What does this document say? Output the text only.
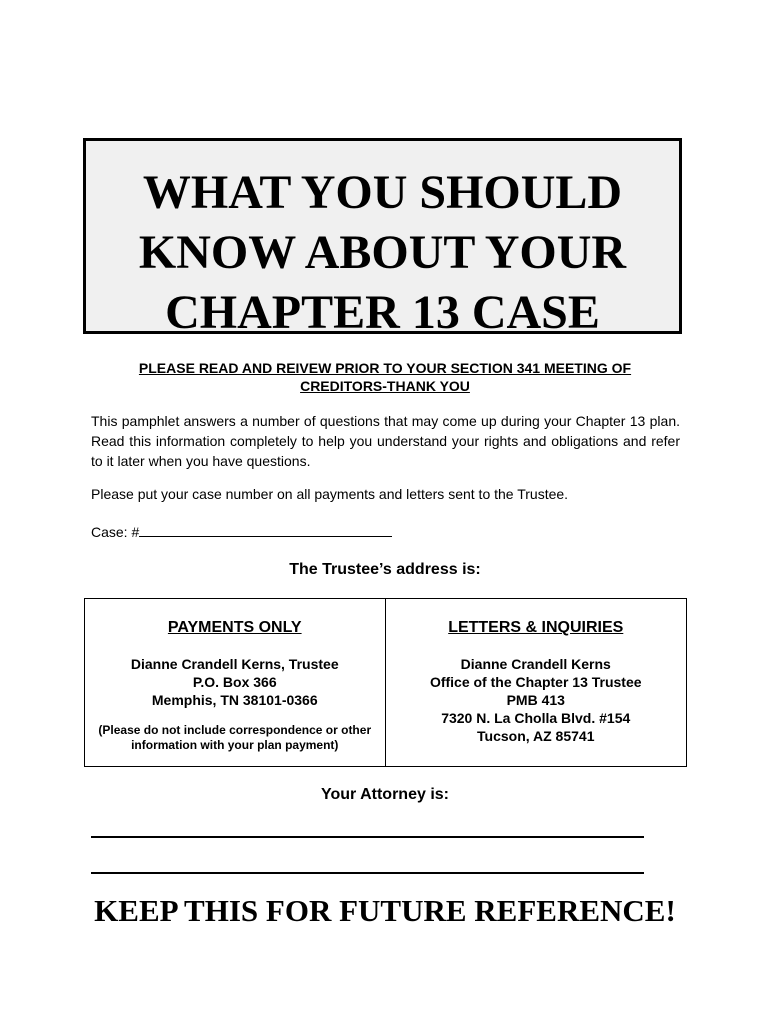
WHAT YOU SHOULD

KNOW ABOUT YOUR

CHAPTER 13 CASE

PLEASE READ AND REIVEW PRIOR TO YOUR SECTION 341 MEETING OF
CREDITORS-THANK YOU

This pamphlet answers a number of questions that may come up during your Chapter 13 plan. Read this information completely to help you understand your rights and obligations and refer to it later when you have questions.

Please put your case number on all payments and letters sent to the Trustee.

Case: #
The Trustee’s address is:
PAYMENTS ONLY

Dianne Crandell Kerns, Trustee

P.O. Box 366

Memphis, TN 38101-0366

(Please do not include correspondence or other
information with your plan payment)
LETTERS & INQUIRIES

Dianne Crandell Kerns

Office of the Chapter 13 Trustee

PMB 413

7320 N. La Cholla Blvd. #154

Tucson, AZ 85741

Your Attorney is:
KEEP THIS FOR FUTURE REFERENCE!
